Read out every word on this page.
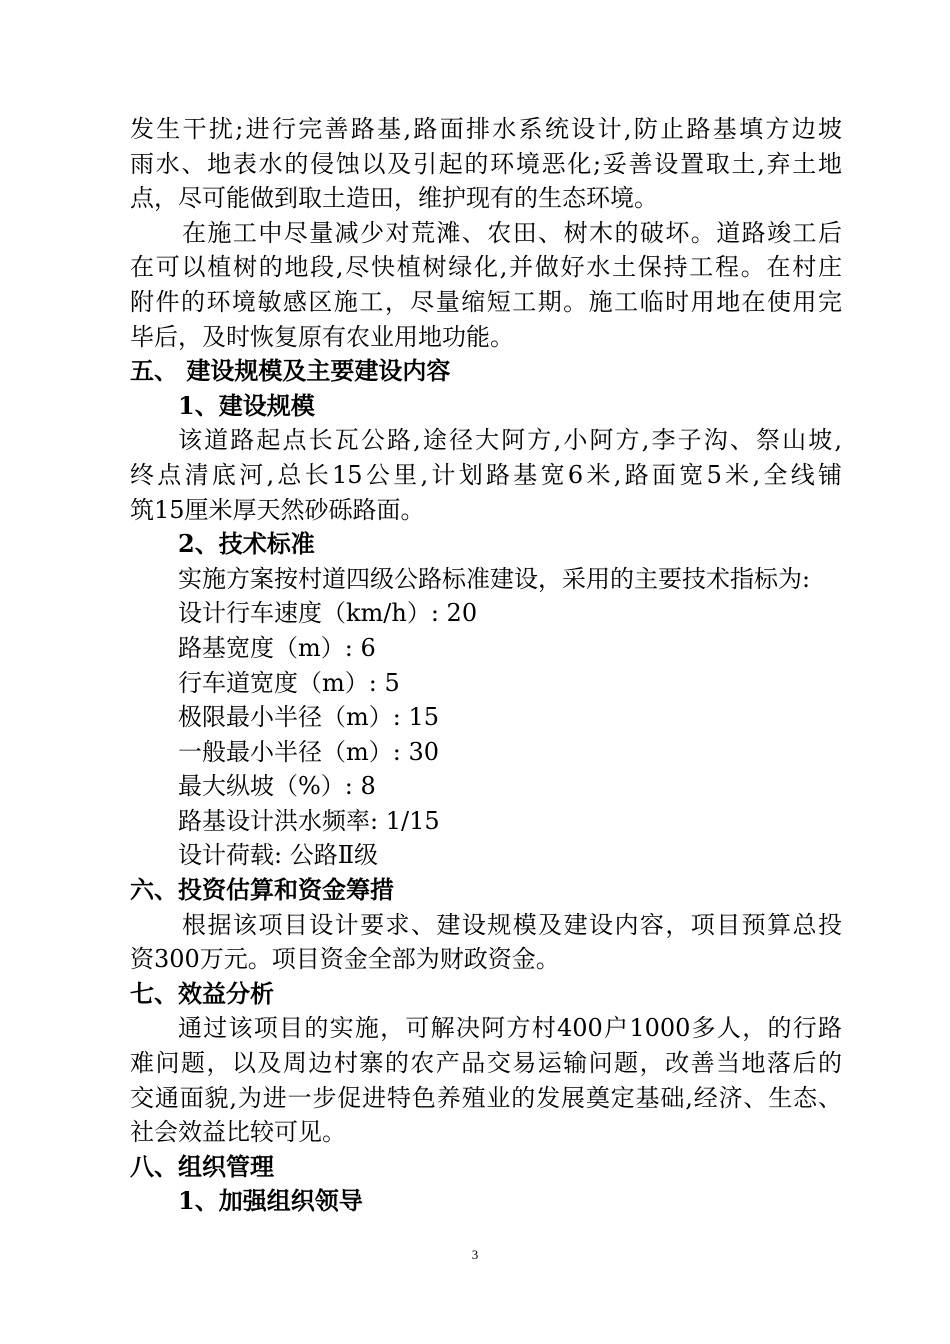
发生干扰;进行完善路基,路面排水系统设计,防止路基填方边坡
雨水、地表水的侵蚀以及引起的环境恶化;妥善设置取土,弃土地
点，尽可能做到取土造田，维护现有的生态环境。
在施工中尽量减少对荒滩、农田、树木的破坏。道路竣工后
在可以植树的地段,尽快植树绿化,并做好水土保持工程。在村庄
附件的环境敏感区施工，尽量缩短工期。施工临时用地在使用完
毕后，及时恢复原有农业用地功能。
五、 建设规模及主要建设内容
1、建设规模
该道路起点长瓦公路,途径大阿方,小阿方,李子沟、祭山坡,
终点清底河,总长15公里,计划路基宽6米,路面宽5米,全线铺
筑15厘米厚天然砂砾路面。
2、技术标准
实施方案按村道四级公路标准建设，采用的主要技术指标为:
设计行车速度（km/h）: 20
路基宽度（m）: 6
行车道宽度（m）: 5
极限最小半径（m）: 15
一般最小半径（m）: 30
最大纵坡（%）: 8
路基设计洪水频率: 1/15
设计荷载: 公路Ⅱ级
六、投资估算和资金筹措
根据该项目设计要求、建设规模及建设内容，项目预算总投
资300万元。项目资金全部为财政资金。
七、效益分析
通过该项目的实施，可解决阿方村400户1000多人，的行路
难问题，以及周边村寨的农产品交易运输问题，改善当地落后的
交通面貌,为进一步促进特色养殖业的发展奠定基础,经济、生态、
社会效益比较可见。
八、组织管理
1、加强组织领导
3
